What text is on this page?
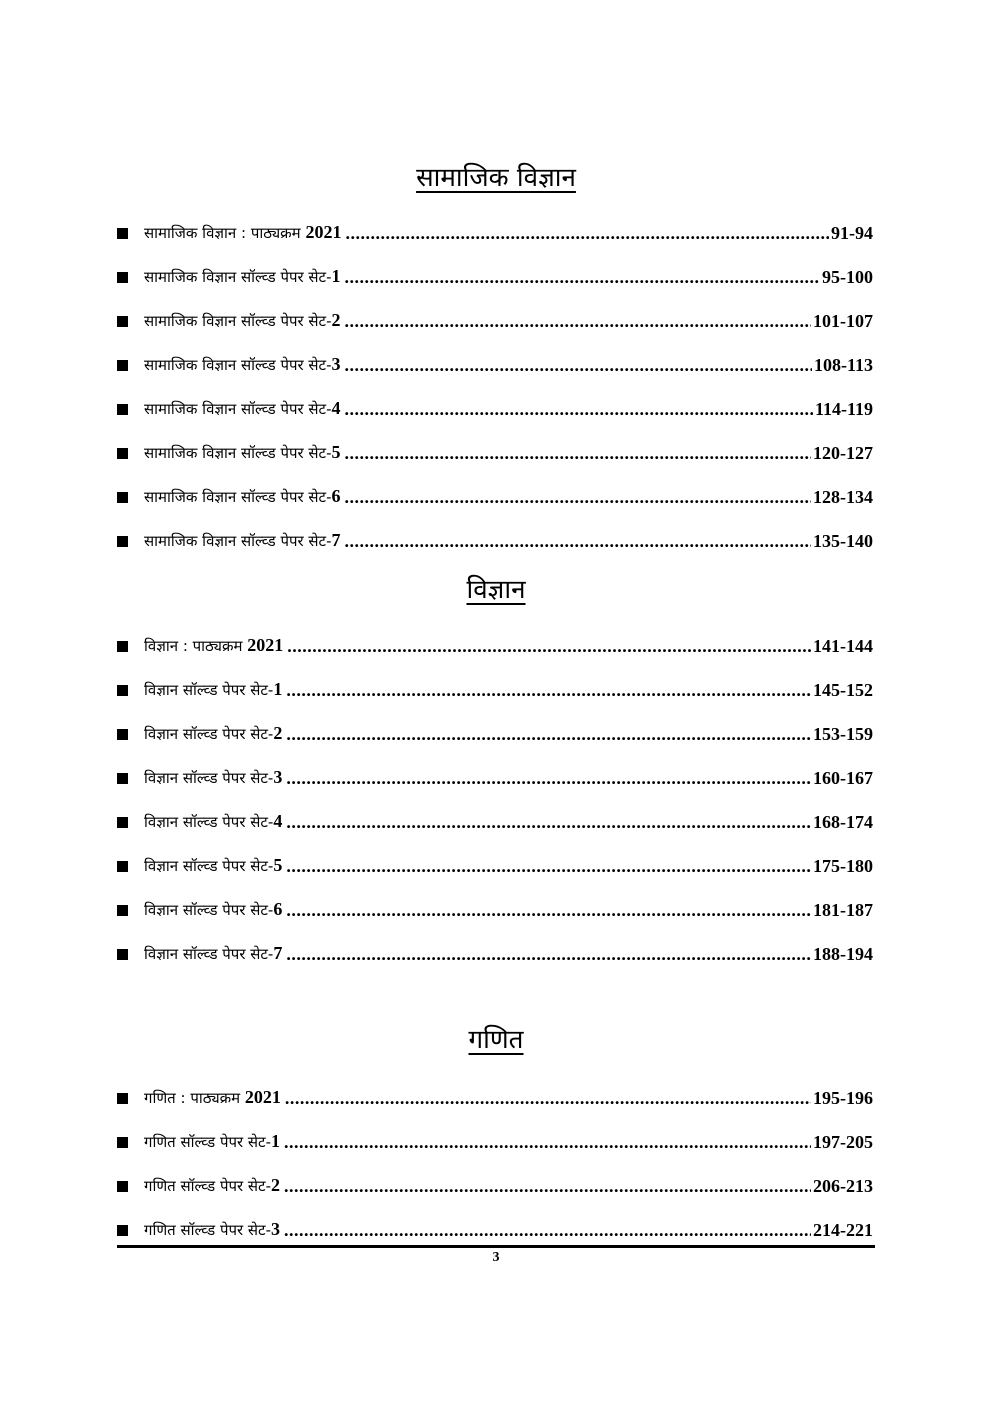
सामाजिक विज्ञान
सामाजिक विज्ञान : पाठ्यक्रम 2021 .....	91-94
सामाजिक विज्ञान सॉल्व्ड पेपर सेट-1 .....	95-100
सामाजिक विज्ञान सॉल्व्ड पेपर सेट-2 .....	101-107
सामाजिक विज्ञान सॉल्व्ड पेपर सेट-3 .....	108-113
सामाजिक विज्ञान सॉल्व्ड पेपर सेट-4 .....	114-119
सामाजिक विज्ञान सॉल्व्ड पेपर सेट-5 .....	120-127
सामाजिक विज्ञान सॉल्व्ड पेपर सेट-6 .....	128-134
सामाजिक विज्ञान सॉल्व्ड पेपर सेट-7 .....	135-140
विज्ञान
विज्ञान : पाठ्यक्रम 2021 .....	141-144
विज्ञान सॉल्व्ड पेपर सेट-1 .....	145-152
विज्ञान सॉल्व्ड पेपर सेट-2 .....	153-159
विज्ञान सॉल्व्ड पेपर सेट-3 .....	160-167
विज्ञान सॉल्व्ड पेपर सेट-4 .....	168-174
विज्ञान सॉल्व्ड पेपर सेट-5 .....	175-180
विज्ञान सॉल्व्ड पेपर सेट-6 .....	181-187
विज्ञान सॉल्व्ड पेपर सेट-7 .....	188-194
गणित
गणित : पाठ्यक्रम 2021 .....	195-196
गणित सॉल्व्ड पेपर सेट-1 .....	197-205
गणित सॉल्व्ड पेपर सेट-2 .....	206-213
गणित सॉल्व्ड पेपर सेट-3 .....	214-221
3
